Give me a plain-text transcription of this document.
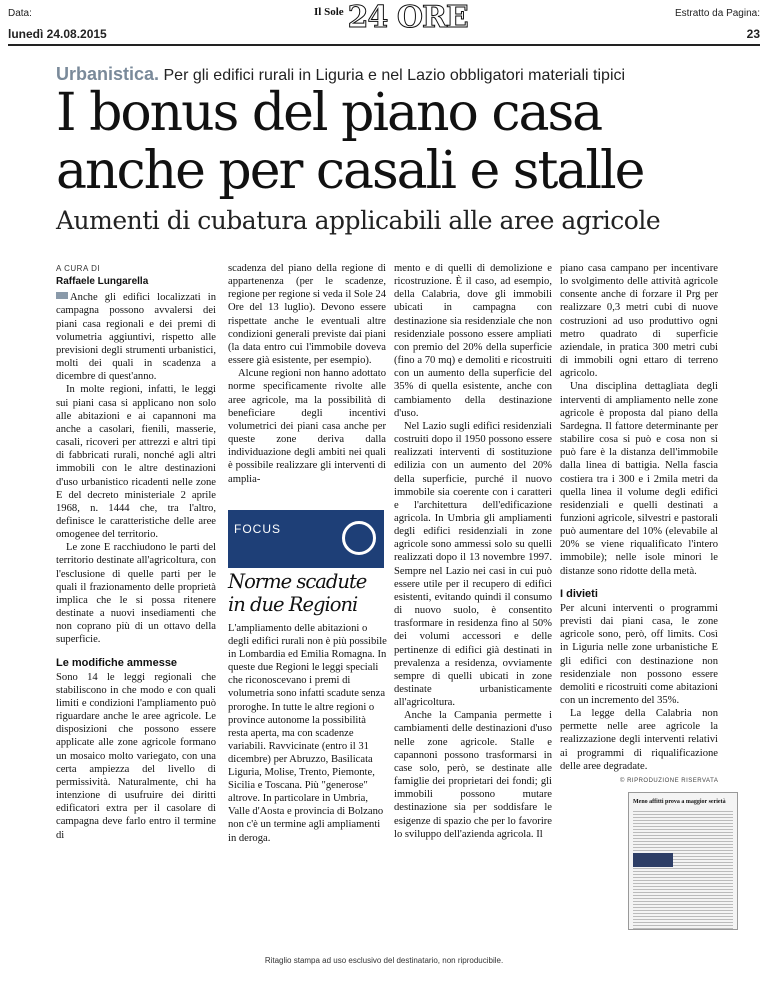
Data:
lunedì 24.08.2015
Il Sole 24 ORE	Estratto da Pagina:
23
Urbanistica. Per gli edifici rurali in Liguria e nel Lazio obbligatori materiali tipici
I bonus del piano casa
anche per casali e stalle
Aumenti di cubatura applicabili alle aree agricole
A CURA DI
Raffaele Lungarella

Anche gli edifici localizzati in campagna possono avvalersi dei piani casa regionali e dei premi di volumetria aggiuntivi, rispetto alle previsioni degli strumenti urbanistici, molti dei quali in scadenza a dicembre di quest'anno.

In molte regioni, infatti, le leggi sui piani casa si applicano non solo alle abitazioni e ai capannoni ma anche a casolari, fienili, masserie, casali, ricoveri per attrezzi e altri tipi di fabbricati rurali, nonché agli altri immobili con le altre destinazioni d'uso urbanistico ricadenti nelle zone E del decreto ministeriale 2 aprile 1968, n. 1444 che, tra l'altro, definisce le caratteristiche delle aree omogenee del territorio.

Le zone E racchiudono le parti del territorio destinate all'agricoltura, con l'esclusione di quelle parti per le quali il frazionamento delle proprietà implica che le si possa ritenere destinate a nuovi insediamenti che non coprano più di un ottavo della superficie.

Le modifiche ammesse

Sono 14 le leggi regionali che stabiliscono in che modo e con quali limiti e condizioni l'ampliamento può riguardare anche le aree agricole. Le disposizioni che possono essere applicate alle zone agricole formano un mosaico molto variegato, con una certa ampiezza del livello di permissività. Naturalmente, chi ha intenzione di usufruire dei diritti edificatori extra per il casolare di campagna deve farlo entro il termine di

scadenza del piano della regione di appartenenza (per le scadenze, regione per regione si veda il Sole 24 Ore del 13 luglio). Devono essere rispettate anche le eventuali altre condizioni generali previste dai piani (la data entro cui l'immobile doveva essere già esistente, per esempio).

Alcune regioni non hanno adottato norme specificamente rivolte alle aree agricole, ma la possibilità di beneficiare degli incentivi volumetrici dei piani casa anche per queste zone deriva dalla individuazione degli ambiti nei quali è possibile realizzare gli interventi di amplia-

FOCUS
Norme scadute in due Regioni
L'ampliamento delle abitazioni o degli edifici rurali non è più possibile in Lombardia ed Emilia Romagna. In queste due Regioni le leggi speciali che riconoscevano i premi di volumetria sono infatti scadute senza proroghe. In tutte le altre regioni o province autonome la possibilità resta aperta, ma con scadenze variabili. Ravvicinate (entro il 31 dicembre) per Abruzzo, Basilicata Liguria, Molise, Trento, Piemonte, Sicilia e Toscana. Più "generose" altrove. In particolare in Umbria, Valle d'Aosta e provincia di Bolzano non c'è un termine agli ampliamenti in deroga.

mento e di quelli di demolizione e ricostruzione. È il caso, ad esempio, della Calabria, dove gli immobili ubicati in campagna con destinazione sia residenziale che non residenziale possono essere ampliati con premio del 20% della superficie (fino a 70 mq) e demoliti e ricostruiti con un aumento della superficie del 35% di quella esistente, anche con cambiamento della destinazione d'uso.

Nel Lazio sugli edifici residenziali costruiti dopo il 1950 possono essere realizzati interventi di sostituzione edilizia con un aumento del 20% della superficie, purché il nuovo immobile sia coerente con i caratteri e l'architettura dell'edificazione agricola. In Umbria gli ampliamenti degli edifici residenziali in zone agricole sono ammessi solo su quelli realizzati dopo il 13 novembre 1997. Sempre nel Lazio nei casi in cui può essere utile per il recupero di edifici esistenti, evitando quindi il consumo di nuovo suolo, è consentito trasformare in residenza fino al 50% dei volumi accessori e delle pertinenze di edifici già destinati in prevalenza a residenza, ovviamente sempre di quelli ubicati in zone destinate urbanisticamente all'agricoltura.

Anche la Campania permette i cambiamenti delle destinazioni d'uso nelle zone agricole. Stalle e capannoni possono trasformarsi in case solo, però, se destinate alle famiglie dei proprietari dei fondi; gli immobili possono mutare destinazione sia per soddisfare le esigenze di spazio che per lo favorire lo sviluppo dell'azienda agricola. Il

piano casa campano per incentivare lo svolgimento delle attività agricole consente anche di forzare il Prg per realizzare 0,3 metri cubi di nuove costruzioni ad uso produttivo ogni metro quadrato di superficie aziendale, in pratica 300 metri cubi di immobili ogni ettaro di terreno agricolo.

Una disciplina dettagliata degli interventi di ampliamento nelle zone agricole è proposta dal piano della Sardegna. Il fattore determinante per stabilire cosa si può e cosa non si può fare è la distanza dell'immobile dalla linea di battigia. Nella fascia costiera tra i 300 e i 2mila metri da quella linea il volume degli edifici residenziali e quelli destinati a funzioni agricole, silvestri e pastorali può aumentare del 10% (elevabile al 20% se viene riqualificato l'intero immobile); nelle isole minori le distanze sono ridotte della metà.

I divieti

Per alcuni interventi o programmi previsti dai piani casa, le zone agricole sono, però, off limits. Così in Liguria nelle zone urbanistiche E gli edifici con destinazione non residenziale non possono essere demoliti e ricostruiti come abitazioni con un incremento del 35%.

La legge della Calabria non permette nelle aree agricole la realizzazione degli interventi relativi ai programmi di riqualificazione delle aree degradate.

© RIPRODUZIONE RISERVATA
Meno affitti prova a maggior serietà
Ritaglio stampa ad uso esclusivo del destinatario, non riproducibile.
